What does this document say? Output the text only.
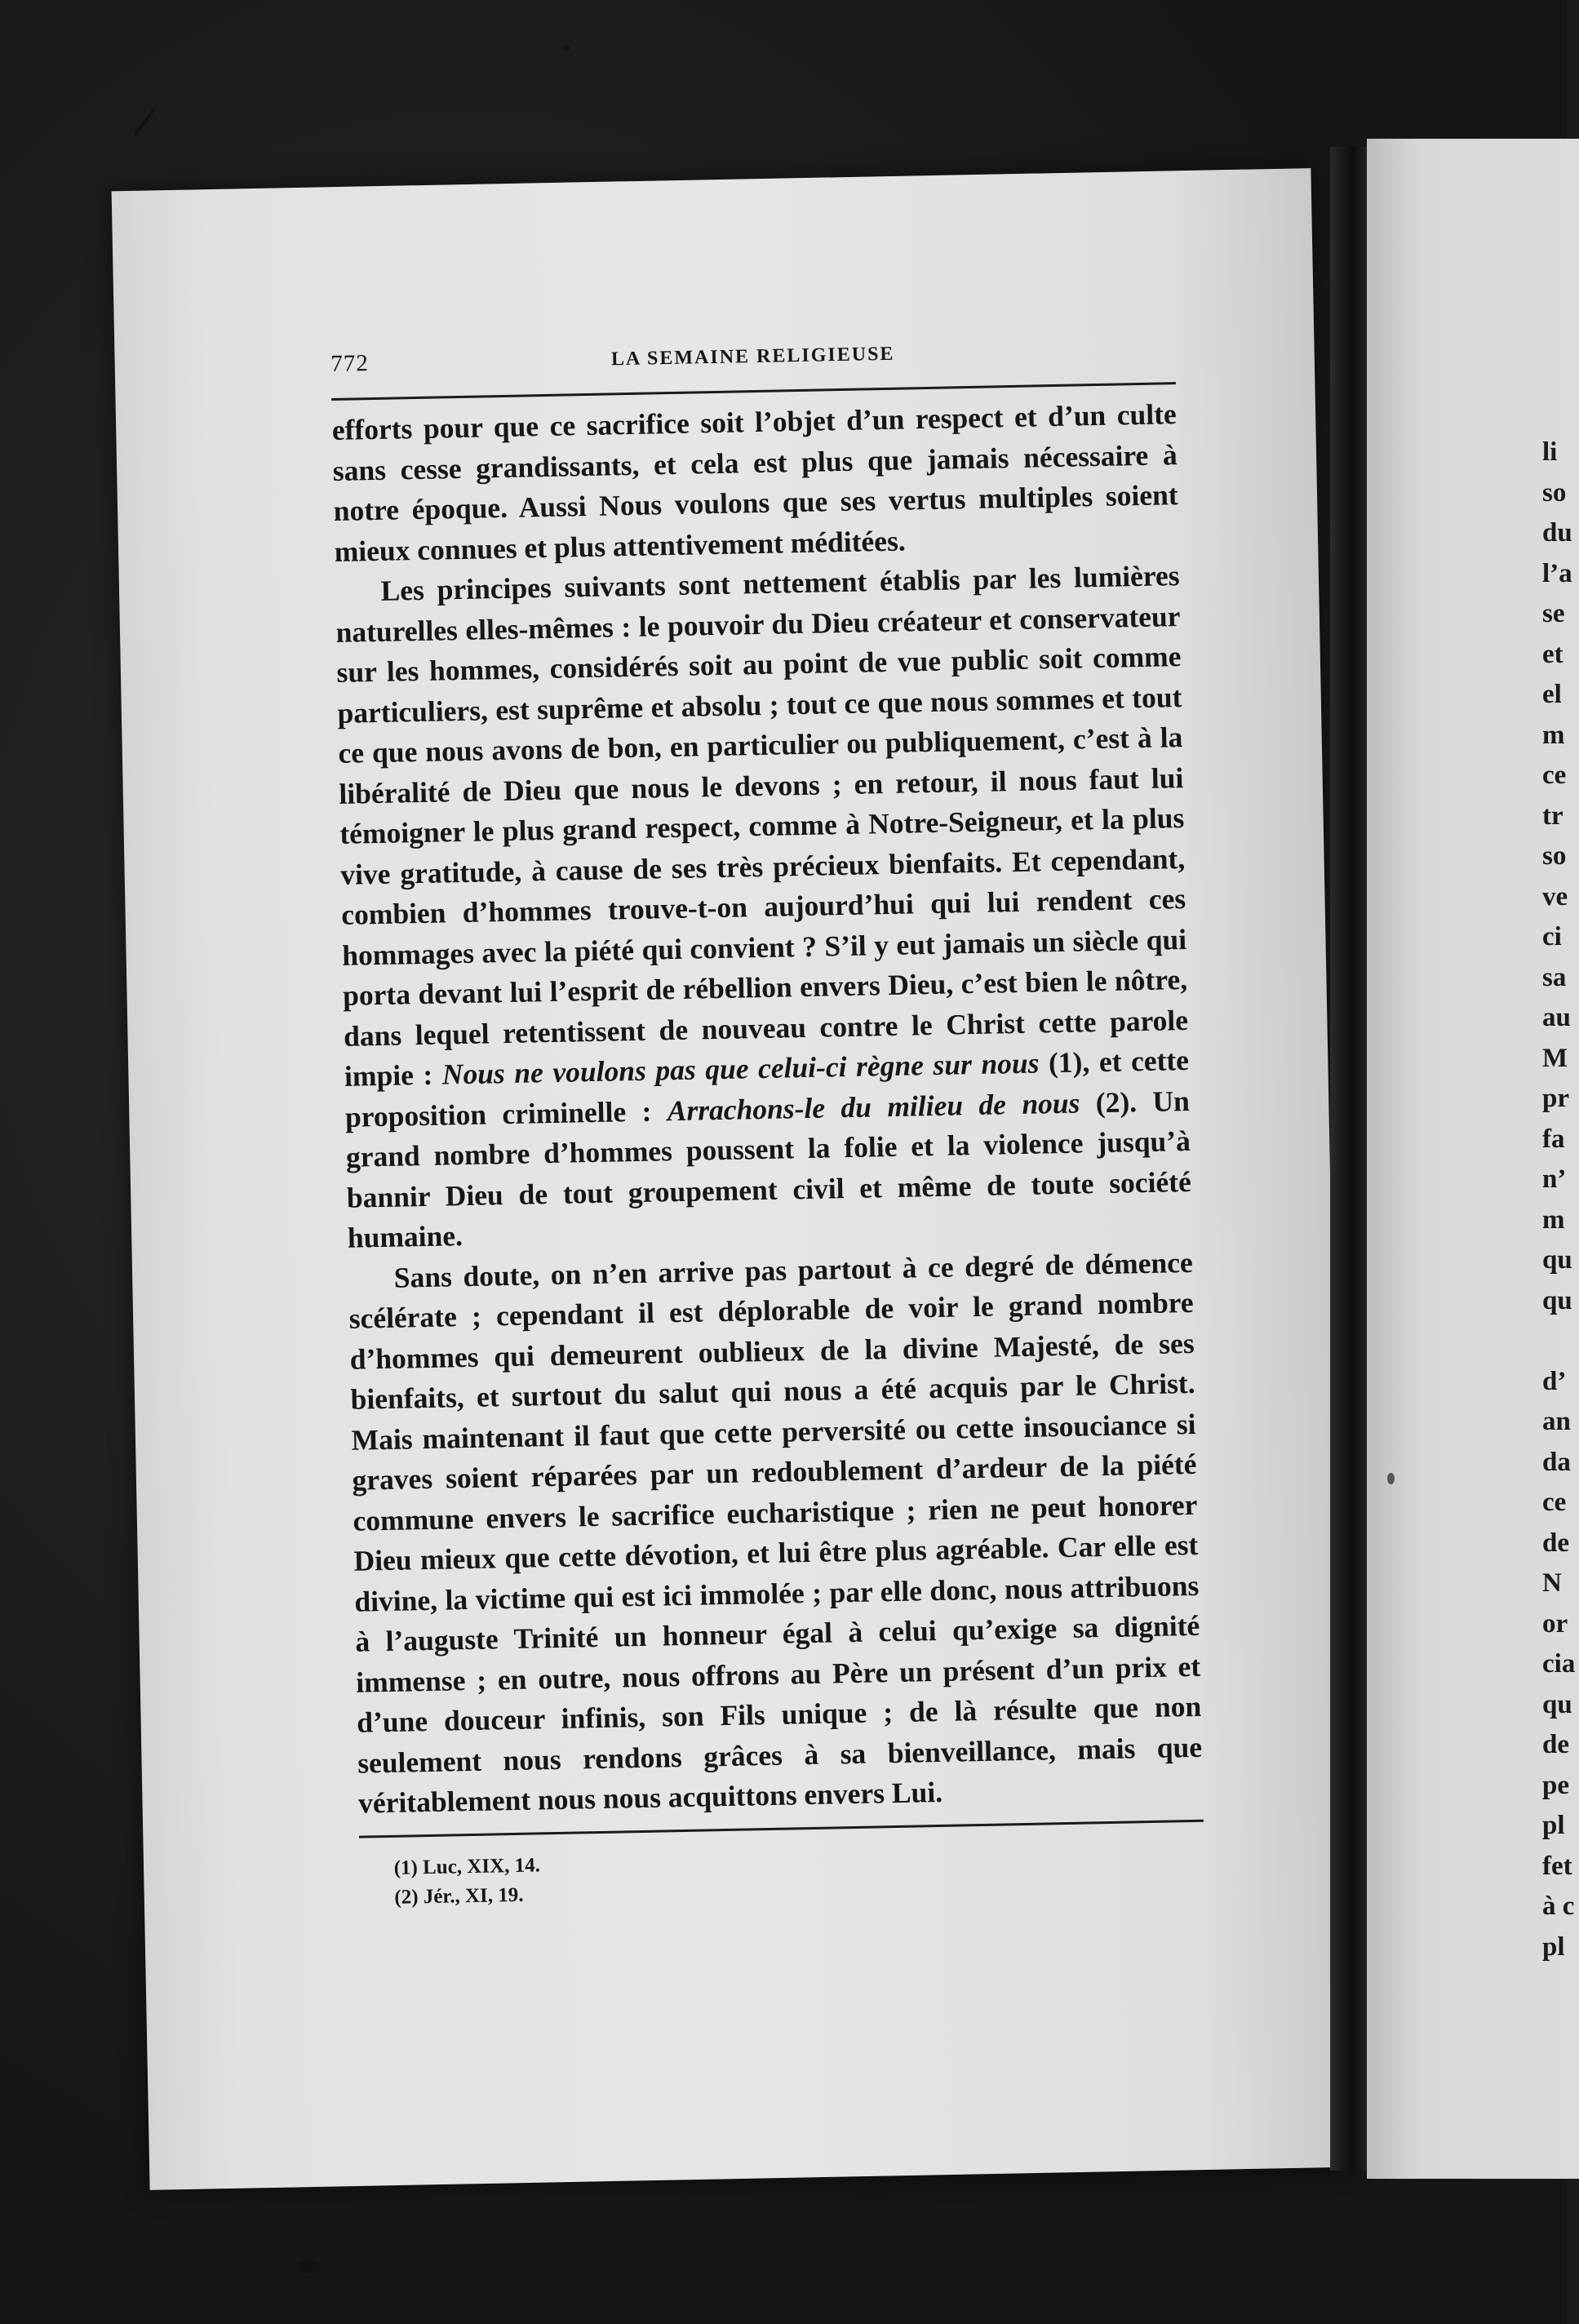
li
so
du
l’a
se
et
el
m
ce
tr
so
ve
ci
sa
au
M
pr
fa
n’
m
qu
qu

d’
an
da
ce
de
N
or
cia
qu
de
pe
pl
fet
à c
pl
772	LA SEMAINE RELIGIEUSE

efforts pour que ce sacrifice soit l’objet d’un respect et d’un culte sans cesse grandissants, et cela est plus que jamais nécessaire à notre époque. Aussi Nous voulons que ses vertus multiples soient mieux connues et plus attentivement méditées.

Les principes suivants sont nettement établis par les lumières naturelles elles-mêmes : le pouvoir du Dieu créateur et conservateur sur les hommes, considérés soit au point de vue public soit comme particuliers, est suprême et absolu ; tout ce que nous sommes et tout ce que nous avons de bon, en particulier ou publiquement, c’est à la libéralité de Dieu que nous le devons ; en retour, il nous faut lui témoigner le plus grand respect, comme à Notre-Seigneur, et la plus vive gratitude, à cause de ses très précieux bienfaits. Et cependant, combien d’hommes trouve-t-on aujourd’hui qui lui rendent ces hommages avec la piété qui convient ? S’il y eut jamais un siècle qui porta devant lui l’esprit de rébellion envers Dieu, c’est bien le nôtre, dans lequel retentissent de nouveau contre le Christ cette parole impie : Nous ne voulons pas que celui-ci règne sur nous (1), et cette proposition criminelle : Arrachons-le du milieu de nous (2). Un grand nombre d’hommes poussent la folie et la violence jusqu’à bannir Dieu de tout groupement civil et même de toute société humaine.

Sans doute, on n’en arrive pas partout à ce degré de démence scélérate ; cependant il est déplorable de voir le grand nombre d’hommes qui demeurent oublieux de la divine Majesté, de ses bienfaits, et surtout du salut qui nous a été acquis par le Christ. Mais maintenant il faut que cette perversité ou cette insouciance si graves soient réparées par un redoublement d’ardeur de la piété commune envers le sacrifice eucharistique ; rien ne peut honorer Dieu mieux que cette dévotion, et lui être plus agréable. Car elle est divine, la victime qui est ici immolée ; par elle donc, nous attribuons à l’auguste Trinité un honneur égal à celui qu’exige sa dignité immense ; en outre, nous offrons au Père un présent d’un prix et d’une douceur infinis, son Fils unique ; de là résulte que non seulement nous rendons grâces à sa bienveillance, mais que véritablement nous nous acquittons envers Lui.

(1) Luc, XIX, 14.
(2) Jér., XI, 19.
